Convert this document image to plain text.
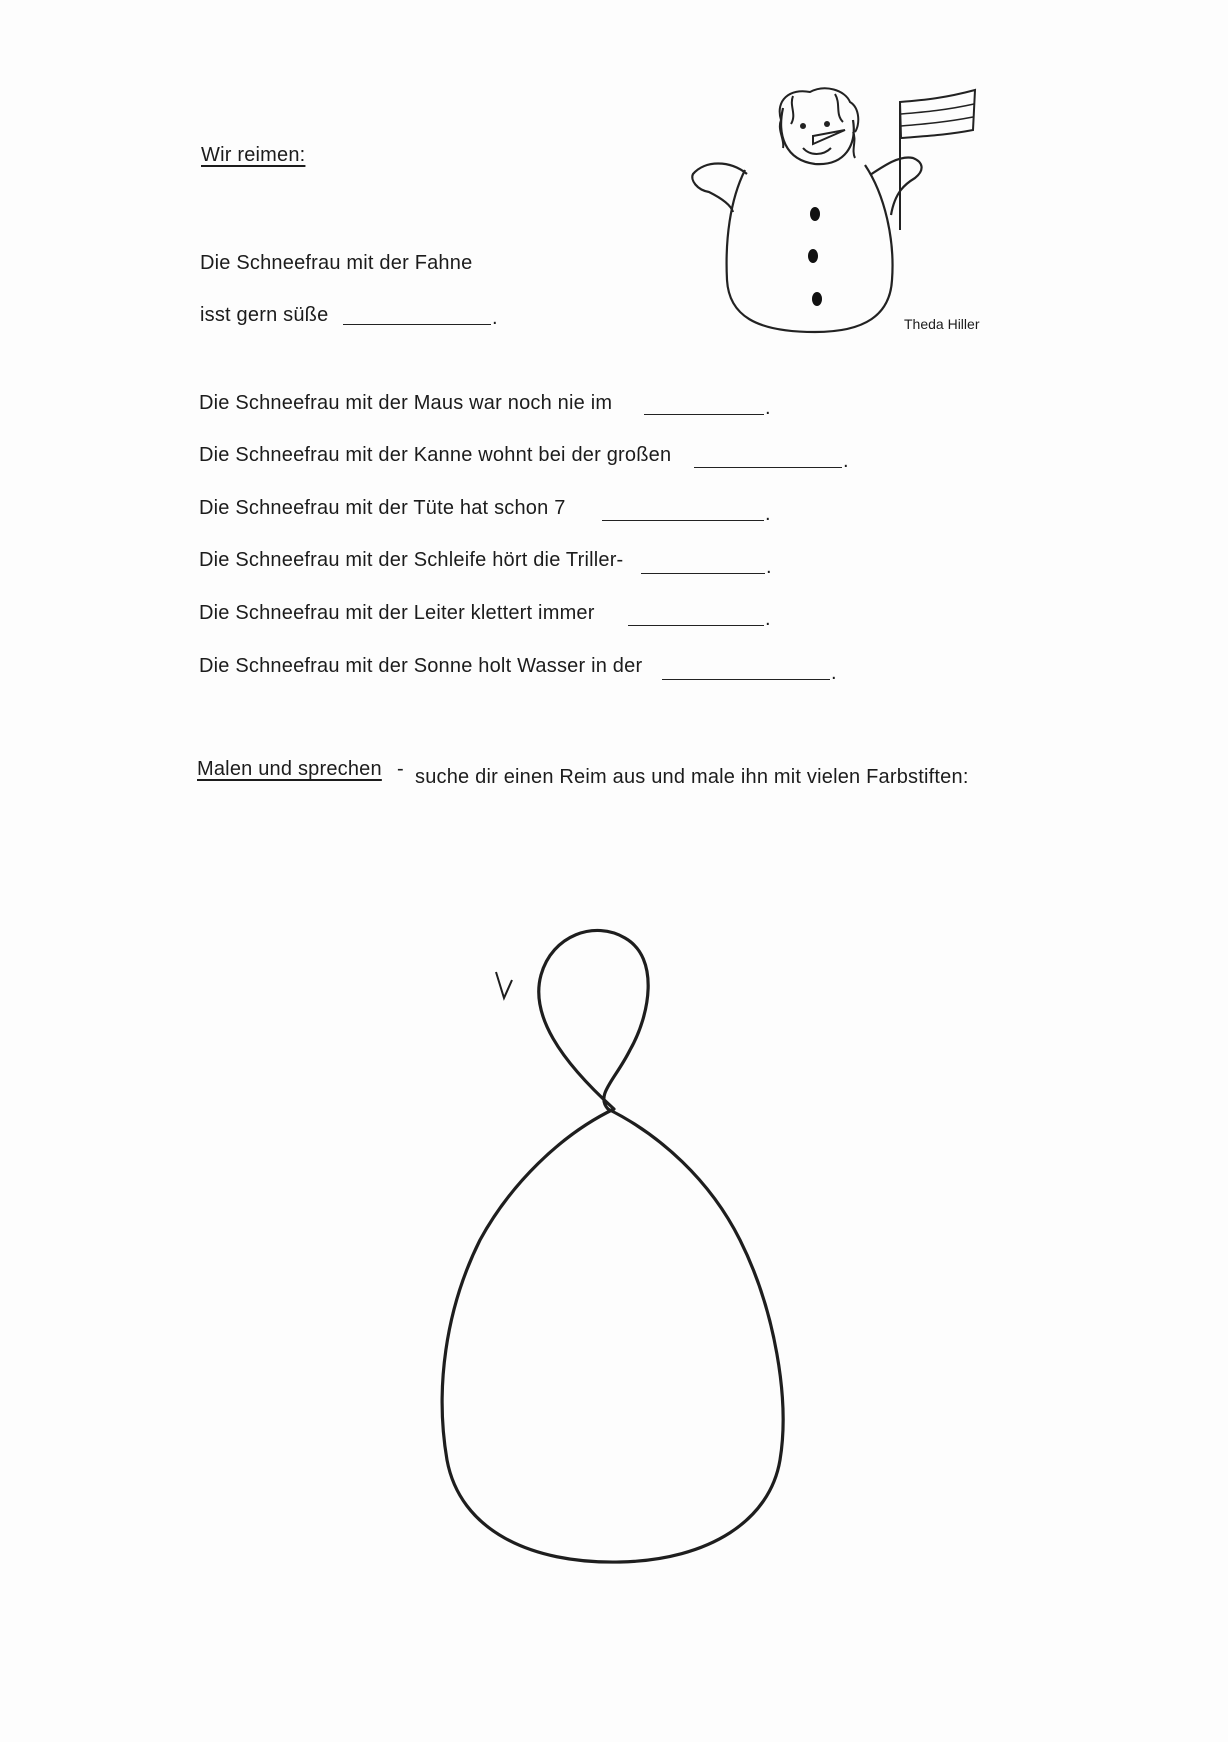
Wir reimen:
Die Schneefrau mit der Fahne
isst gern süße	.	Theda Hiller
Die Schneefrau mit der Maus war noch nie im	.
Die Schneefrau mit der Kanne wohnt bei der großen	.
Die Schneefrau mit der Tüte hat schon 7	.
Die Schneefrau mit der Schleife hört die Triller-	.
Die Schneefrau mit der Leiter klettert immer	.
Die Schneefrau mit der Sonne holt Wasser in der	.
Malen und sprechen - suche dir einen Reim aus und male ihn mit vielen Farbstiften:
